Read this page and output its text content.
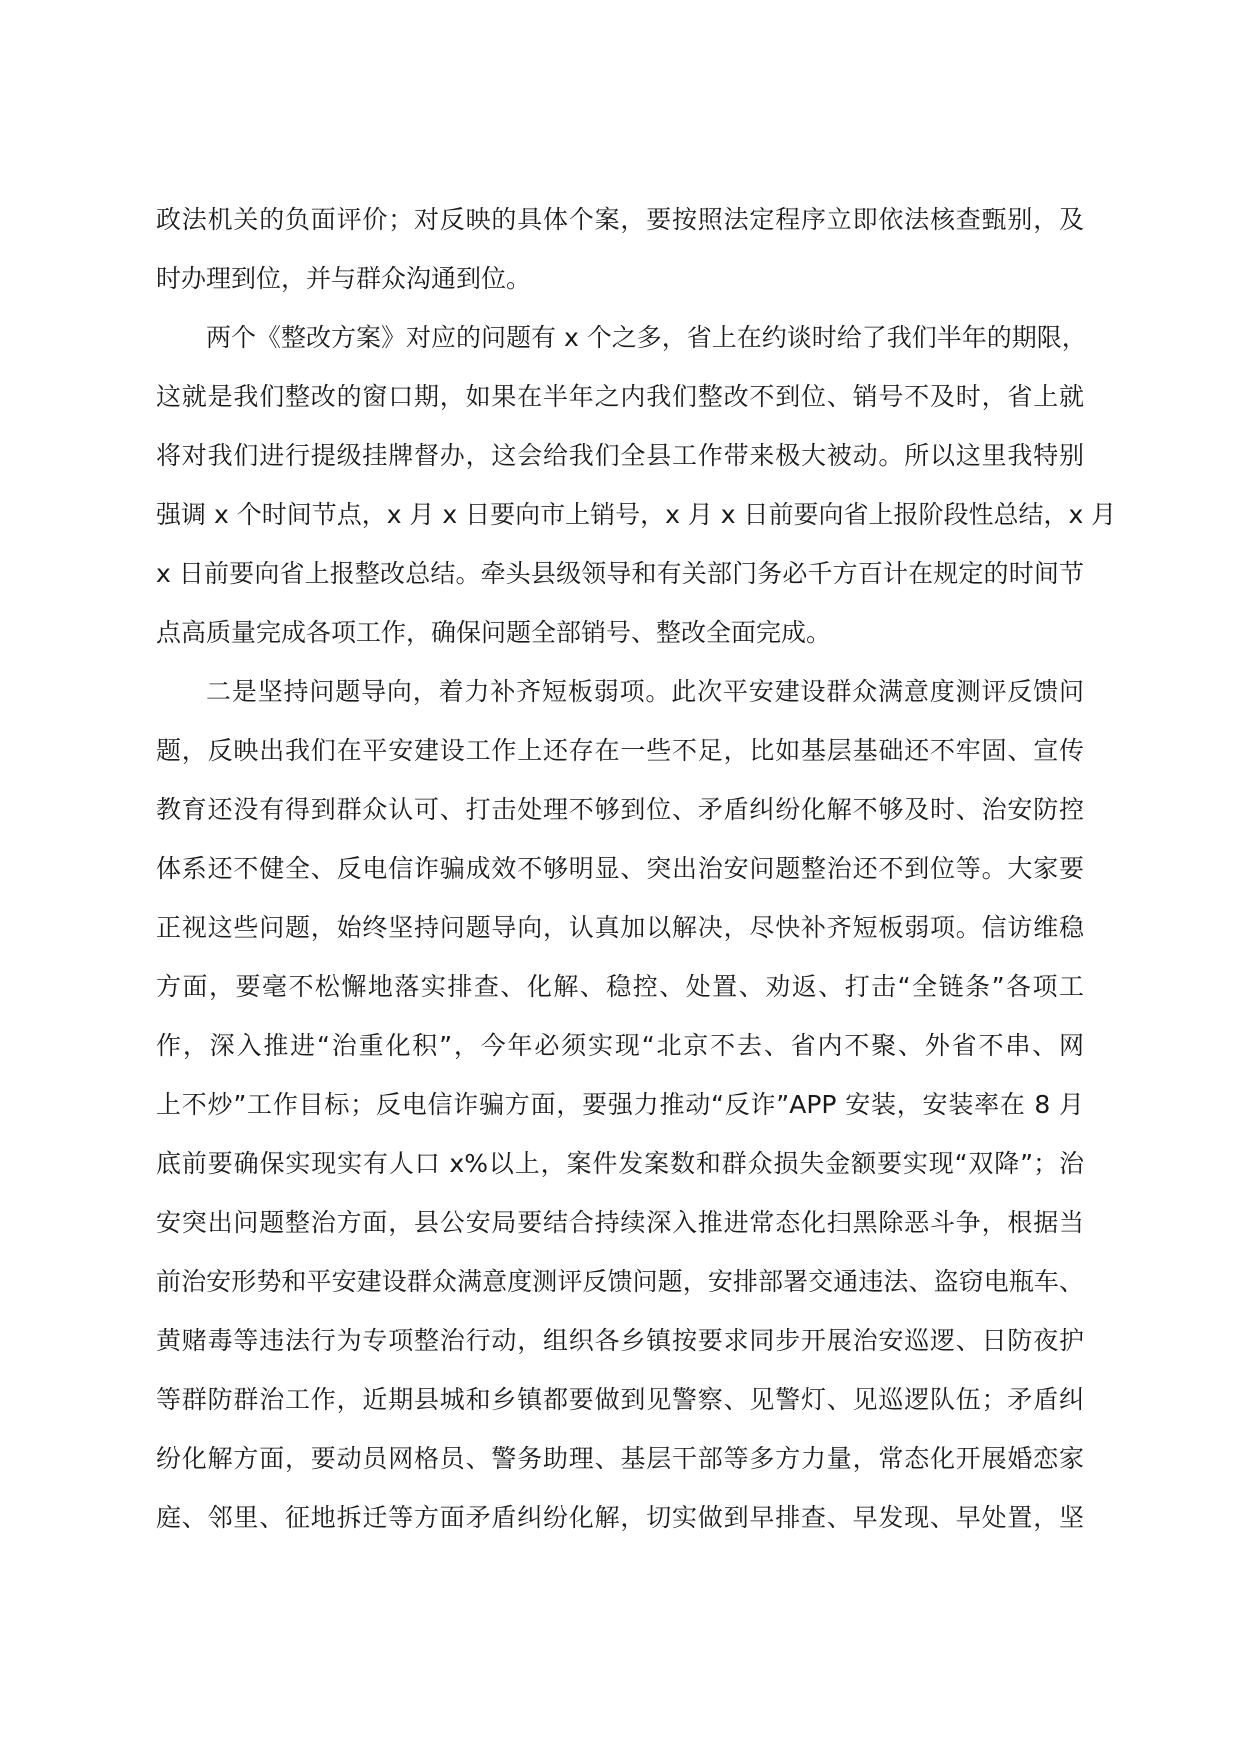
政法机关的负面评价；对反映的具体个案，要按照法定程序立即依法核查甄别，及
时办理到位，并与群众沟通到位。
两个《整改方案》对应的问题有 x 个之多，省上在约谈时给了我们半年的期限，
这就是我们整改的窗口期，如果在半年之内我们整改不到位、销号不及时，省上就
将对我们进行提级挂牌督办，这会给我们全县工作带来极大被动。所以这里我特别
强调 x 个时间节点，x 月 x 日要向市上销号，x 月 x 日前要向省上报阶段性总结，x 月
x 日前要向省上报整改总结。牵头县级领导和有关部门务必千方百计在规定的时间节
点高质量完成各项工作，确保问题全部销号、整改全面完成。
二是坚持问题导向，着力补齐短板弱项。此次平安建设群众满意度测评反馈问
题，反映出我们在平安建设工作上还存在一些不足，比如基层基础还不牢固、宣传
教育还没有得到群众认可、打击处理不够到位、矛盾纠纷化解不够及时、治安防控
体系还不健全、反电信诈骗成效不够明显、突出治安问题整治还不到位等。大家要
正视这些问题，始终坚持问题导向，认真加以解决，尽快补齐短板弱项。信访维稳
方面，要毫不松懈地落实排查、化解、稳控、处置、劝返、打击“全链条”各项工
作，深入推进“治重化积”，今年必须实现“北京不去、省内不聚、外省不串、网
上不炒”工作目标；反电信诈骗方面，要强力推动“反诈”APP 安装，安装率在 8 月
底前要确保实现实有人口 x%以上，案件发案数和群众损失金额要实现“双降”；治
安突出问题整治方面，县公安局要结合持续深入推进常态化扫黑除恶斗争，根据当
前治安形势和平安建设群众满意度测评反馈问题，安排部署交通违法、盗窃电瓶车、
黄赌毒等违法行为专项整治行动，组织各乡镇按要求同步开展治安巡逻、日防夜护
等群防群治工作，近期县城和乡镇都要做到见警察、见警灯、见巡逻队伍；矛盾纠
纷化解方面，要动员网格员、警务助理、基层干部等多方力量，常态化开展婚恋家
庭、邻里、征地拆迁等方面矛盾纠纷化解，切实做到早排查、早发现、早处置，坚
